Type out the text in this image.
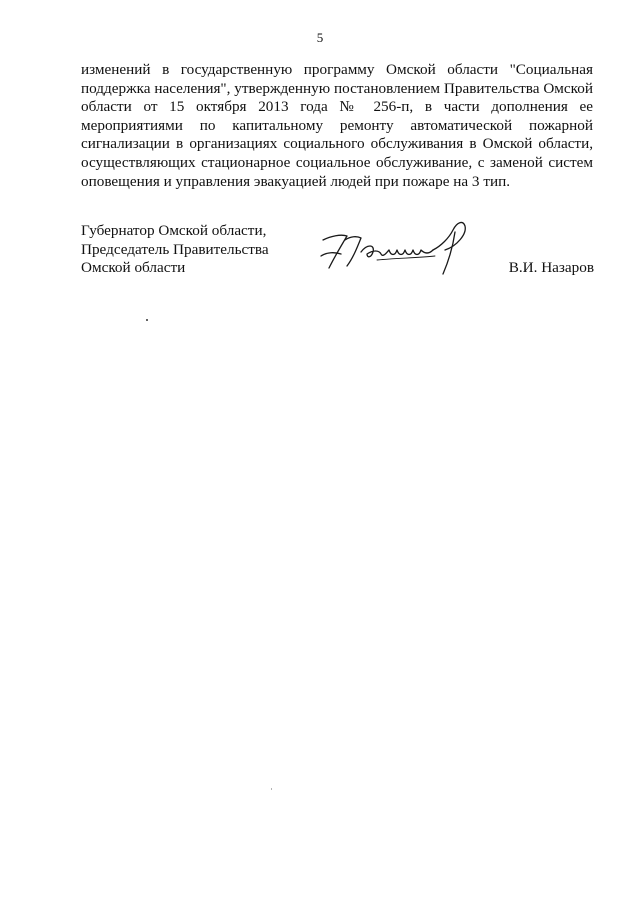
5

изменений в государственную программу Омской области "Социальная поддержка населения", утвержденную постановлением Правительства Омской области от 15 октября 2013 года № 256-п, в части дополнения ее мероприятиями по капитальному ремонту автоматической пожарной сигнализации в организациях социального обслуживания в Омской области, осуществляющих стационарное социальное обслуживание, с заменой систем оповещения и управления эвакуацией людей при пожаре на 3 тип.

Губернатор Омской области,
Председатель Правительства
Омской области	В.И. Назаров
